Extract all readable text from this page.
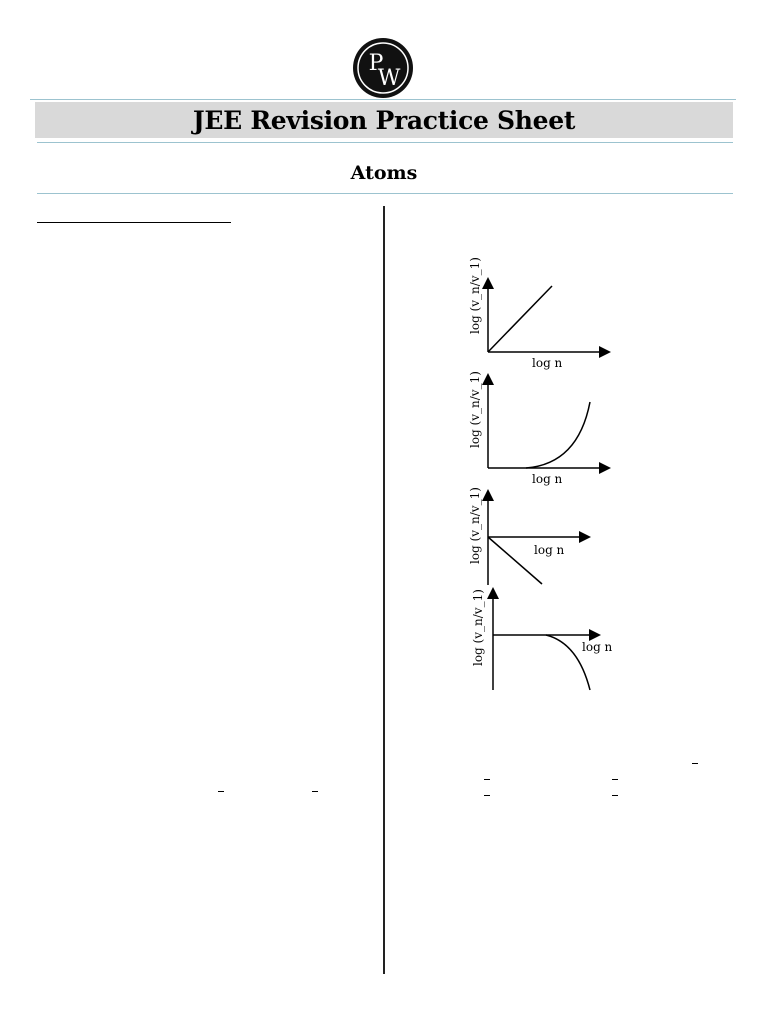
P
W
JEE Revision Practice Sheet
Atoms
log (v_n/v_1)
log n
log (v_n/v_1)
log n
log (v_n/v_1)	log n
log (v_n/v_1)	log n
